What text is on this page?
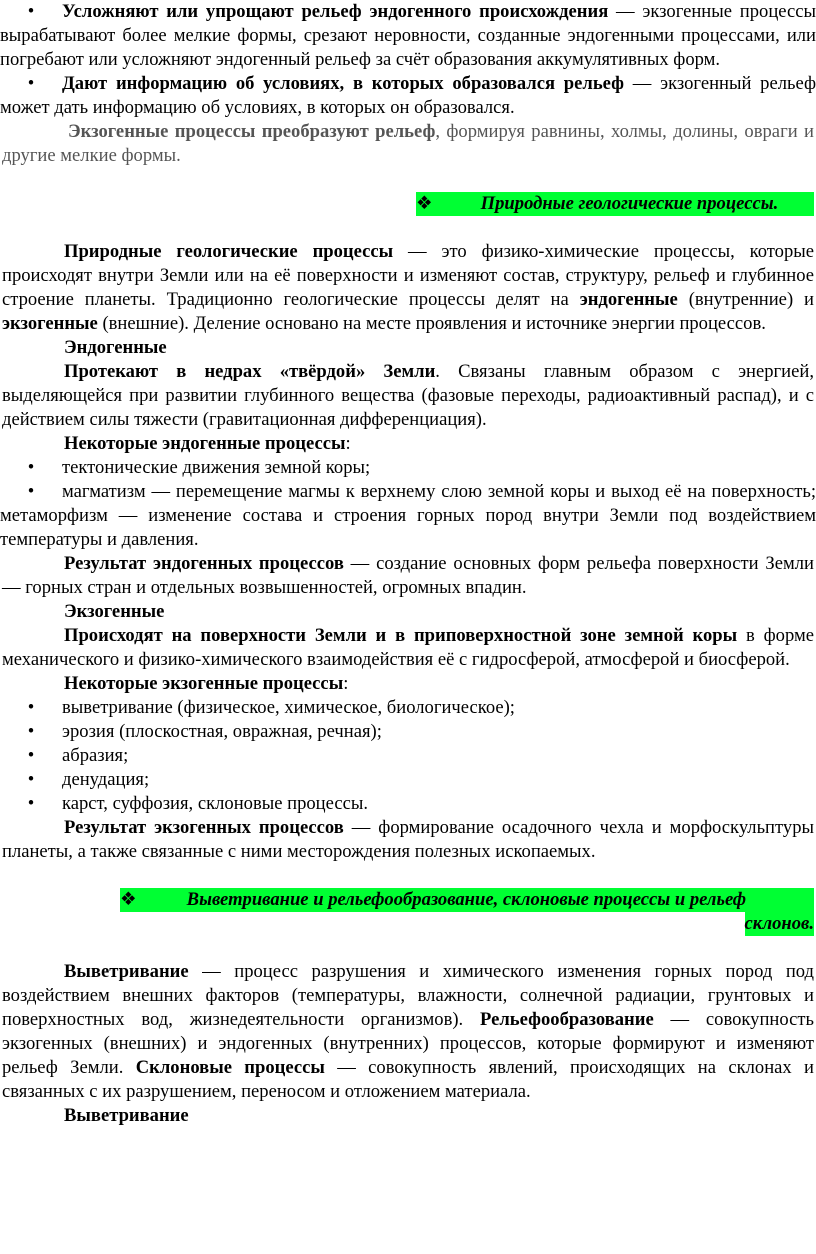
• Усложняют или упрощают рельеф эндогенного происхождения — экзогенные процессы вырабатывают более мелкие формы, срезают неровности, созданные эндогенными процессами, или погребают или усложняют эндогенный рельеф за счёт образования аккумулятивных форм.

• Дают информацию об условиях, в которых образовался рельеф — экзогенный рельеф может дать информацию об условиях, в которых он образовался.

Экзогенные процессы преобразуют рельеф, формируя равнины, холмы, долины, овраги и другие мелкие формы.

❖	Природные геологические процессы.

Природные геологические процессы — это физико-химические процессы, которые происходят внутри Земли или на её поверхности и изменяют состав, структуру, рельеф и глубинное строение планеты. Традиционно геологические процессы делят на эндогенные (внутренние) и экзогенные (внешние). Деление основано на месте проявления и источнике энергии процессов.

Эндогенные

Протекают в недрах «твёрдой» Земли. Связаны главным образом с энергией, выделяющейся при развитии глубинного вещества (фазовые переходы, радиоактивный распад), и с действием силы тяжести (гравитационная дифференциация).

Некоторые эндогенные процессы:

• тектонические движения земной коры;

• магматизм — перемещение магмы к верхнему слою земной коры и выход её на поверхность; метаморфизм — изменение состава и строения горных пород внутри Земли под воздействием температуры и давления.

Результат эндогенных процессов — создание основных форм рельефа поверхности Земли — горных стран и отдельных возвышенностей, огромных впадин.

Экзогенные

Происходят на поверхности Земли и в приповерхностной зоне земной коры в форме механического и физико-химического взаимодействия её с гидросферой, атмосферой и биосферой.

Некоторые экзогенные процессы:

• выветривание (физическое, химическое, биологическое);

• эрозия (плоскостная, овражная, речная);

• абразия;

• денудация;

• карст, суффозия, склоновые процессы.

Результат экзогенных процессов — формирование осадочного чехла и морфоскульптуры планеты, а также связанные с ними месторождения полезных ископаемых.

❖	Выветривание и рельефообразование, склоновые процессы и рельеф
склонов.

Выветривание — процесс разрушения и химического изменения горных пород под воздействием внешних факторов (температуры, влажности, солнечной радиации, грунтовых и поверхностных вод, жизнедеятельности организмов). Рельефообразование — совокупность экзогенных (внешних) и эндогенных (внутренних) процессов, которые формируют и изменяют рельеф Земли. Склоновые процессы — совокупность явлений, происходящих на склонах и связанных с их разрушением, переносом и отложением материала.

Выветривание
